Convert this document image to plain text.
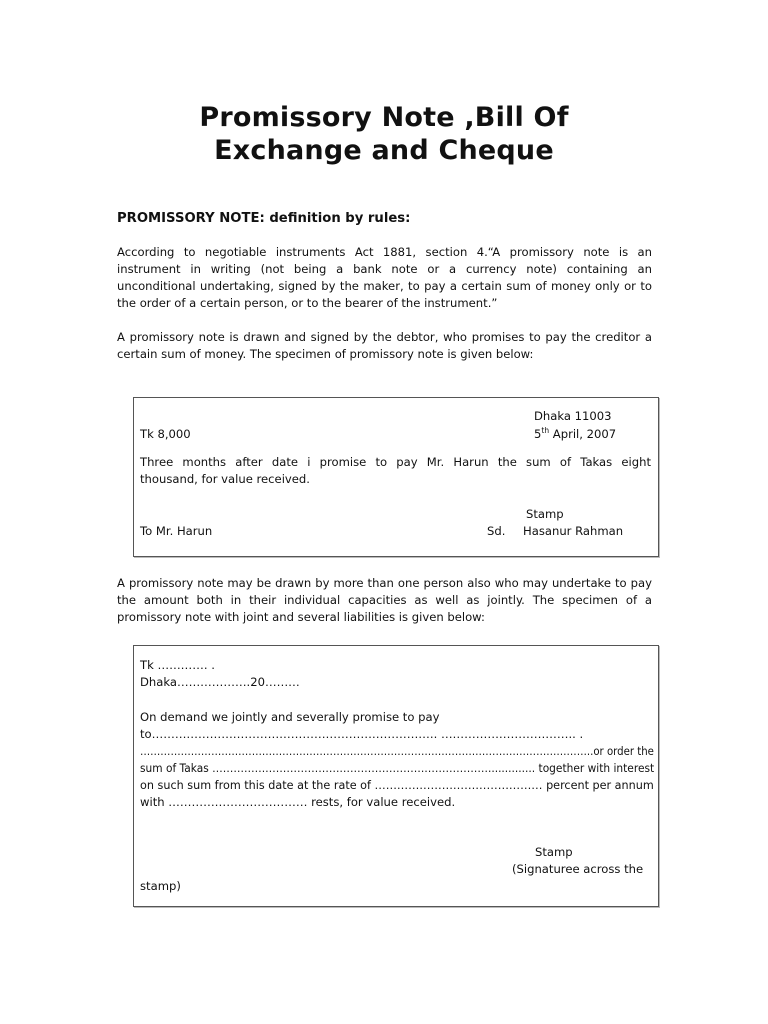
Promissory Note ,Bill Of
Exchange and Cheque
PROMISSORY NOTE: definition by rules:
According to negotiable instruments Act 1881, section 4.“A promissory note is an
instrument in writing (not being a bank note or a currency note) containing an
unconditional undertaking, signed by the maker, to pay a certain sum of money only or to
the order of a certain person, or to the bearer of the instrument.”
A promissory note is drawn and signed by the debtor, who promises to pay the creditor a
certain sum of money. The specimen of promissory note is given below:
Dhaka 11003
Tk 8,000	5th April, 2007
Three months after date i promise to pay Mr. Harun the sum of Takas eight
thousand, for value received.
Stamp
To Mr. Harun	Sd. Hasanur Rahman
A promissory note may be drawn by more than one person also who may undertake to pay
the amount both in their individual capacities as well as jointly. The specimen of a
promissory note with joint and several liabilities is given below:
Tk …………. .
Dhaka……………….20………
On demand we jointly and severally promise to pay
to……………………………………………………………….. …………………………….. .
……………………………………………………………………………………………………………………..or order the
sum of Takas …………………………………………………………………….............. together with interest
on such sum from this date at the rate of ……………………………………… percent per annum
with ……………………………… rests, for value received.
Stamp
(Signaturee across the
stamp)
